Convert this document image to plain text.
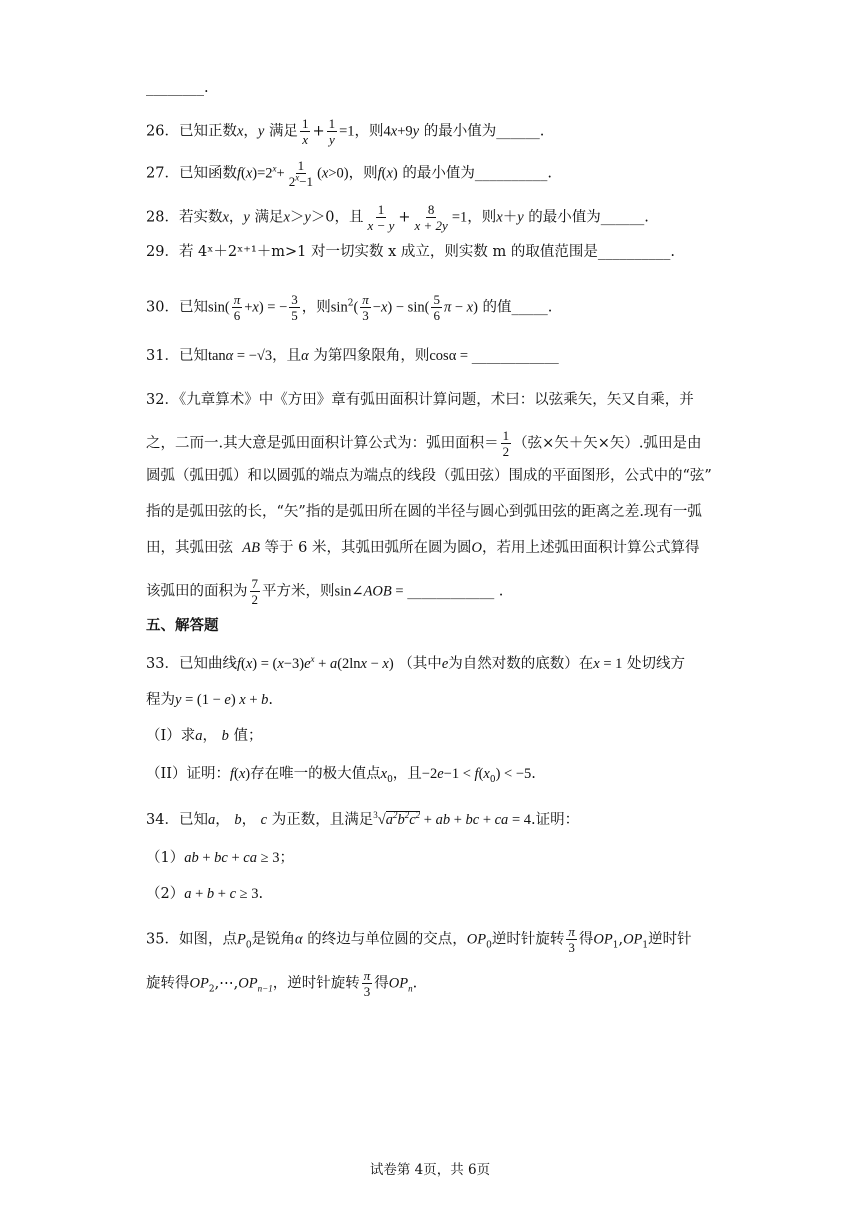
________.
26．已知正数x，y 满足 $\frac{1}{x} + \frac{1}{y} =1$，则4x+9y 的最小值为______.
27．已知函数$f(x)=2^x+ \frac{1}{2^x-1} (x>0)$，则f(x) 的最小值为__________.
28．若实数x，y 满足x＞y＞0，且 $\frac{1}{x - y} + \frac{8}{x + 2y} =1$，则x＋y 的最小值为______.
29．若 4ˣ＋2ˣ⁺¹＋m>1 对一切实数 x 成立，则实数 m 的取值范围是__________.
30．已知$\sin( \frac{\pi}{6} +x)$ = − $\frac{3}{5}$ ，则$\sin^2( \frac{\pi}{3} -x) - \sin( \frac{5}{6}$ π − x) 的值_____.
31．已知tanα = −√3，且α 为第四象限角，则cosα = ____________
32．《九章算术》中《方田》章有弧田面积计算问题，术曰：以弦乘矢，矢又自乘，并
之，二而一.其大意是弧田面积计算公式为：弧田面积＝ $\frac{1}{2}$ （弦×矢＋矢×矢）.弧田是由
圆弧（弧田弧）和以圆弧的端点为端点的线段（弧田弦）围成的平面图形，公式中的“弦”
指的是弧田弦的长，“矢”指的是弧田所在圆的半径与圆心到弧田弦的距离之差.现有一弧
田，其弧田弦 AB 等于 6 米，其弧田弧所在圆为圆O，若用上述弧田面积计算公式算得
该弧田的面积为 $\frac{7}{2}$ 平方米，则sin∠AOB = ____________ .
五、解答题
33．已知曲线$f(x) = (x-3)e^x + a(2\ln x - x)$ （其中e为自然对数的底数）在x = 1 处切线方
程为y = (1 − e) x + b.
（I）求a， b 值；
（II）证明：f(x)存在唯一的极大值点$x_0$，且$-2e-1 < f(x_0) < -5$.
34．已知a， b， c 为正数，且满足$^3√a^2b^2c^2$ + ab + bc + ca = 4.证明：
（1）ab + bc + ca ≥ 3；
（2）a + b + c ≥ 3.
35．如图，点$P_0$是锐角α 的终边与单位圆的交点，$OP_0$逆时针旋转 $\frac{\pi}{3}$ 得$OP_1,OP_1$逆时针
旋转得$OP_2,\cdots,OP_{n-1}$，逆时针旋转 $\frac{\pi}{3}$ 得$OP_n$.
试卷第 4页，共 6页
